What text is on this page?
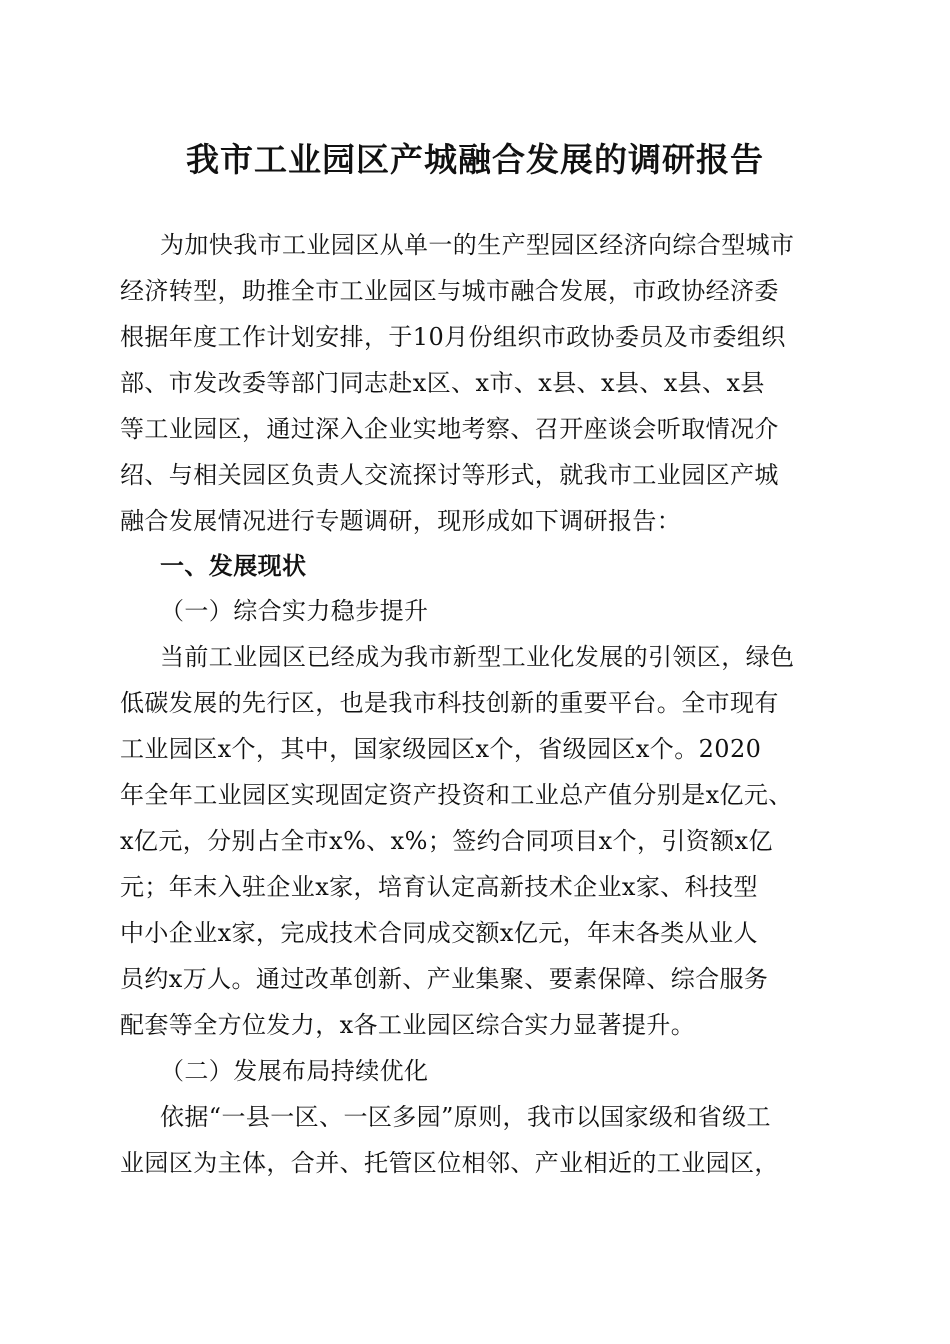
我市工业园区产城融合发展的调研报告
为加快我市工业园区从单一的生产型园区经济向综合型城市
经济转型，助推全市工业园区与城市融合发展，市政协经济委
根据年度工作计划安排，于10月份组织市政协委员及市委组织
部、市发改委等部门同志赴x区、x市、x县、x县、x县、x县
等工业园区，通过深入企业实地考察、召开座谈会听取情况介
绍、与相关园区负责人交流探讨等形式，就我市工业园区产城
融合发展情况进行专题调研，现形成如下调研报告：
一、发展现状
（一）综合实力稳步提升
当前工业园区已经成为我市新型工业化发展的引领区，绿色
低碳发展的先行区，也是我市科技创新的重要平台。全市现有
工业园区x个，其中，国家级园区x个，省级园区x个。2020
年全年工业园区实现固定资产投资和工业总产值分别是x亿元、
x亿元，分别占全市x%、x%；签约合同项目x个，引资额x亿
元；年末入驻企业x家，培育认定高新技术企业x家、科技型
中小企业x家，完成技术合同成交额x亿元，年末各类从业人
员约x万人。通过改革创新、产业集聚、要素保障、综合服务
配套等全方位发力，x各工业园区综合实力显著提升。
（二）发展布局持续优化
依据“一县一区、一区多园”原则，我市以国家级和省级工
业园区为主体，合并、托管区位相邻、产业相近的工业园区，
